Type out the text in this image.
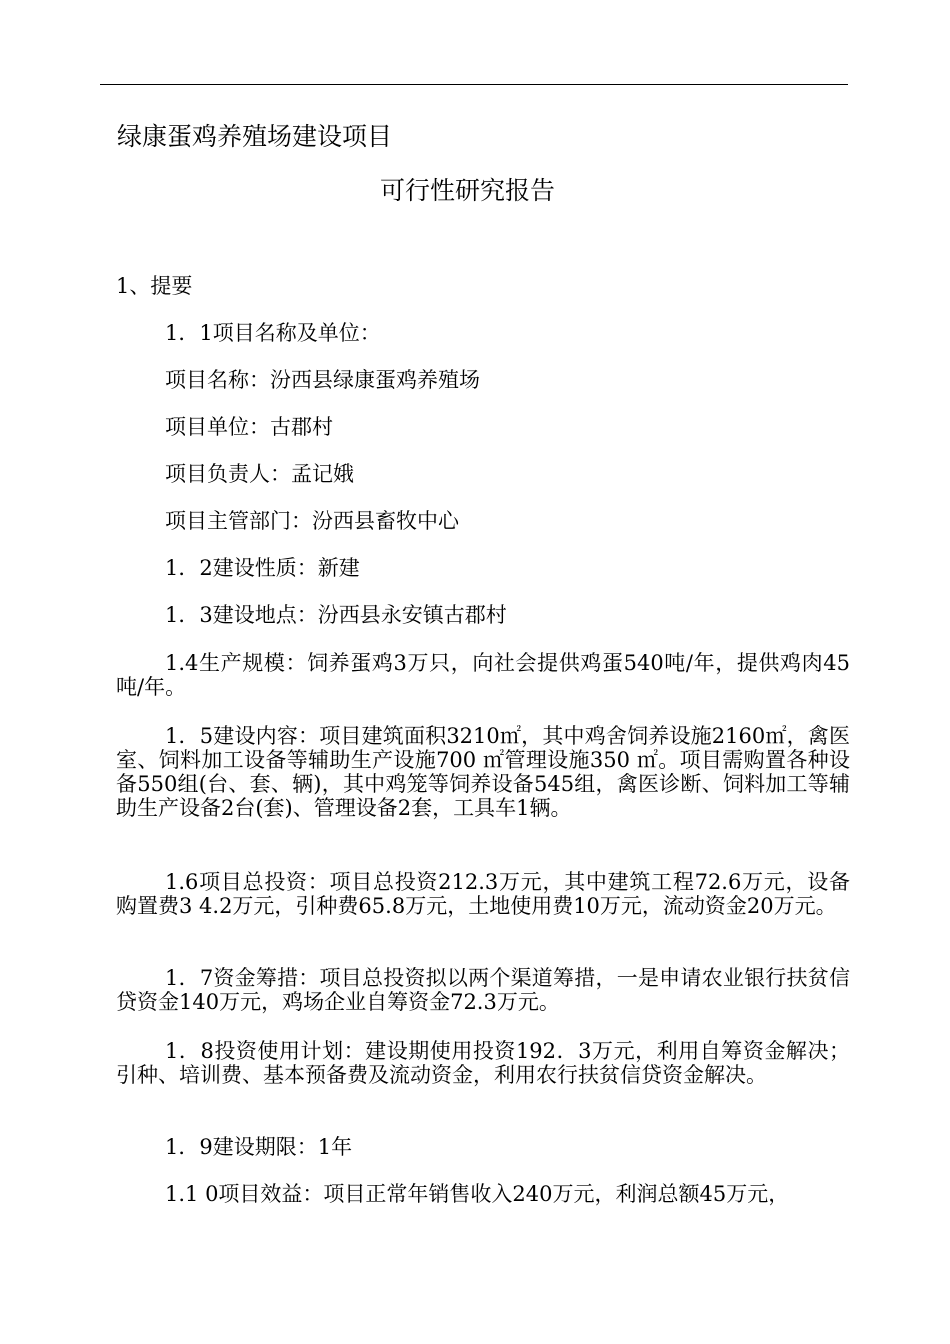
绿康蛋鸡养殖场建设项目
可行性研究报告
1、提要
1．1项目名称及单位：
项目名称：汾西县绿康蛋鸡养殖场
项目单位：古郡村
项目负责人：孟记娥
项目主管部门：汾西县畜牧中心
1．2建设性质：新建
1．3建设地点：汾西县永安镇古郡村
1.4生产规模：饲养蛋鸡3万只，向社会提供鸡蛋540吨/年，提供鸡肉45吨/年。
1．5建设内容：项目建筑面积3210㎡，其中鸡舍饲养设施2160㎡，禽医室、饲料加工设备等辅助生产设施700 ㎡管理设施350 ㎡。项目需购置各种设备550组(台、套、辆)，其中鸡笼等饲养设备545组，禽医诊断、饲料加工等辅助生产设备2台(套)、管理设备2套，工具车1辆。
1.6项目总投资：项目总投资212.3万元，其中建筑工程72.6万元，设备购置费3 4.2万元，引种费65.8万元，土地使用费10万元，流动资金20万元。
1．7资金筹措：项目总投资拟以两个渠道筹措，一是申请农业银行扶贫信贷资金140万元，鸡场企业自筹资金72.3万元。
1．8投资使用计划：建设期使用投资192．3万元，利用自筹资金解决；引种、培训费、基本预备费及流动资金，利用农行扶贫信贷资金解决。
1．9建设期限：1年
1.1 0项目效益：项目正常年销售收入240万元，利润总额45万元，
